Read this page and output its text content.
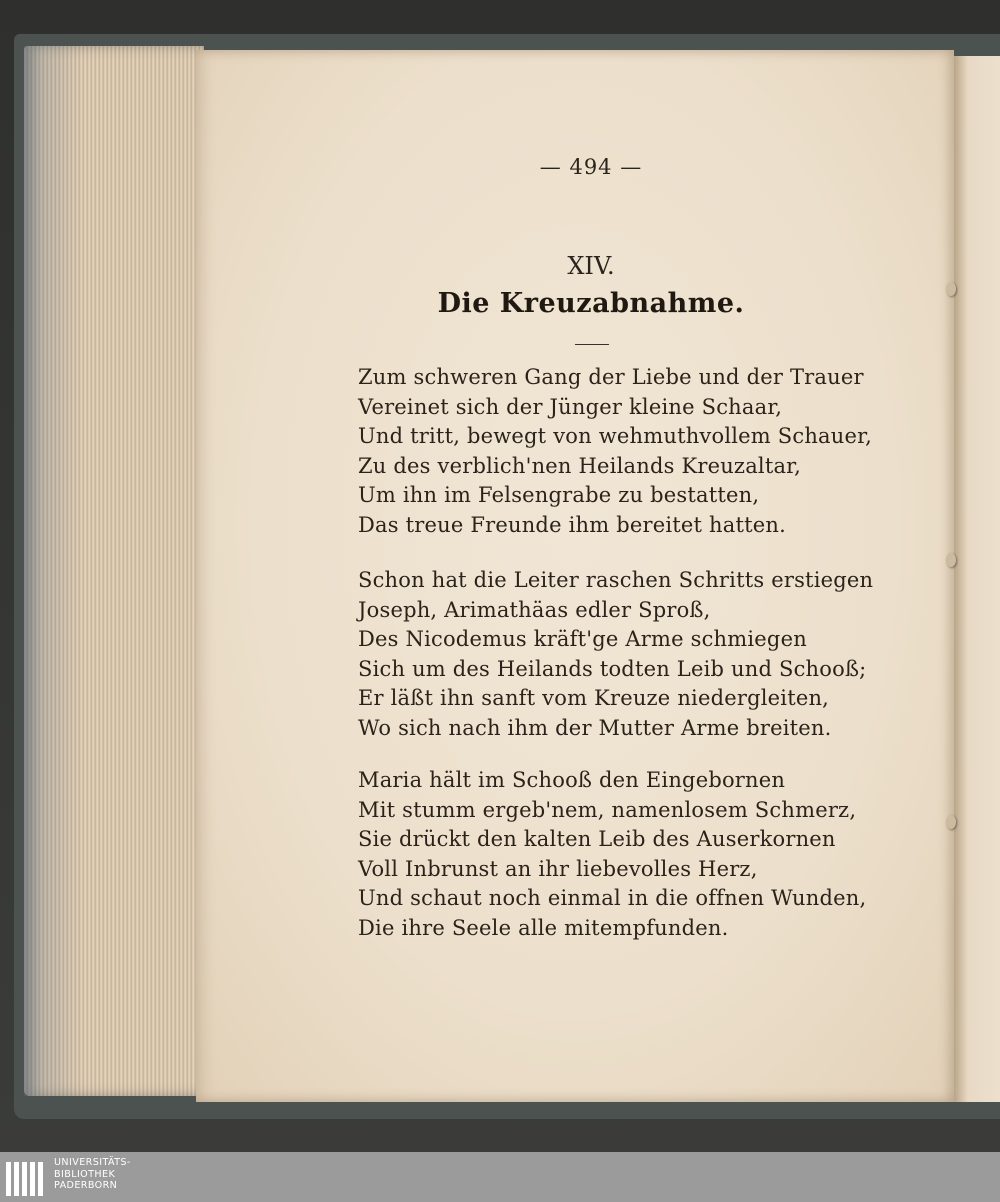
— 494 —
XIV.
Die Kreuzabnahme.
Zum schweren Gang der Liebe und der Trauer
Vereinet sich der Jünger kleine Schaar,
Und tritt, bewegt von wehmuthvollem Schauer,
Zu des verblich'nen Heilands Kreuzaltar,
Um ihn im Felsengrabe zu bestatten,
Das treue Freunde ihm bereitet hatten.
Schon hat die Leiter raschen Schritts erstiegen
Joseph, Arimathäas edler Sproß,
Des Nicodemus kräft'ge Arme schmiegen
Sich um des Heilands todten Leib und Schooß;
Er läßt ihn sanft vom Kreuze niedergleiten,
Wo sich nach ihm der Mutter Arme breiten.
Maria hält im Schooß den Eingebornen
Mit stumm ergeb'nem, namenlosem Schmerz,
Sie drückt den kalten Leib des Auserkornen
Voll Inbrunst an ihr liebevolles Herz,
Und schaut noch einmal in die offnen Wunden,
Die ihre Seele alle mitempfunden.
UNIVERSITÄTS-
BIBLIOTHEK
PADERBORN
